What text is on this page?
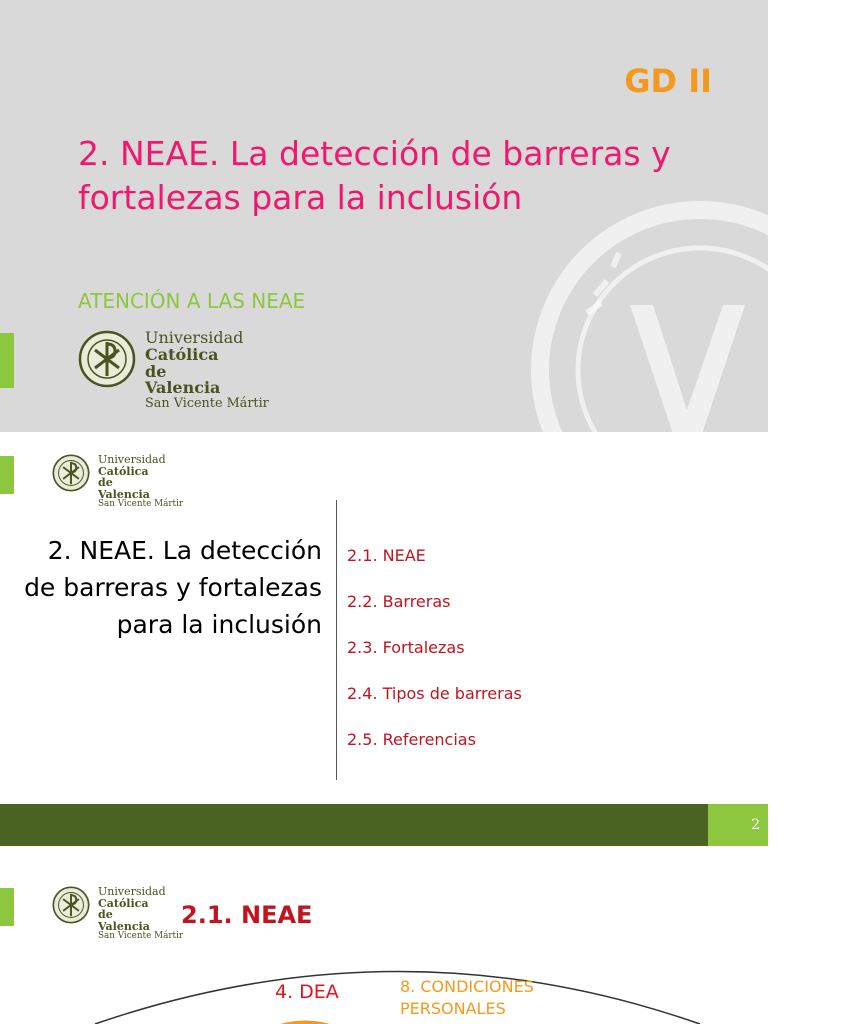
GD II
2. NEAE. La detección de barreras y fortalezas para la inclusión
ATENCIÓN A LAS NEAE
Universidad
Católica de
Valencia
San Vicente Mártir
Universidad
Católica de
Valencia
San Vicente Mártir
2. NEAE. La detección de barreras y fortalezas para la inclusión
2.1. NEAE
2.2. Barreras
2.3. Fortalezas
2.4. Tipos de barreras
2.5. Referencias
2
Universidad
Católica de
Valencia
San Vicente Mártir
2.1. NEAE
4. DEA	8. CONDICIONES PERSONALES
